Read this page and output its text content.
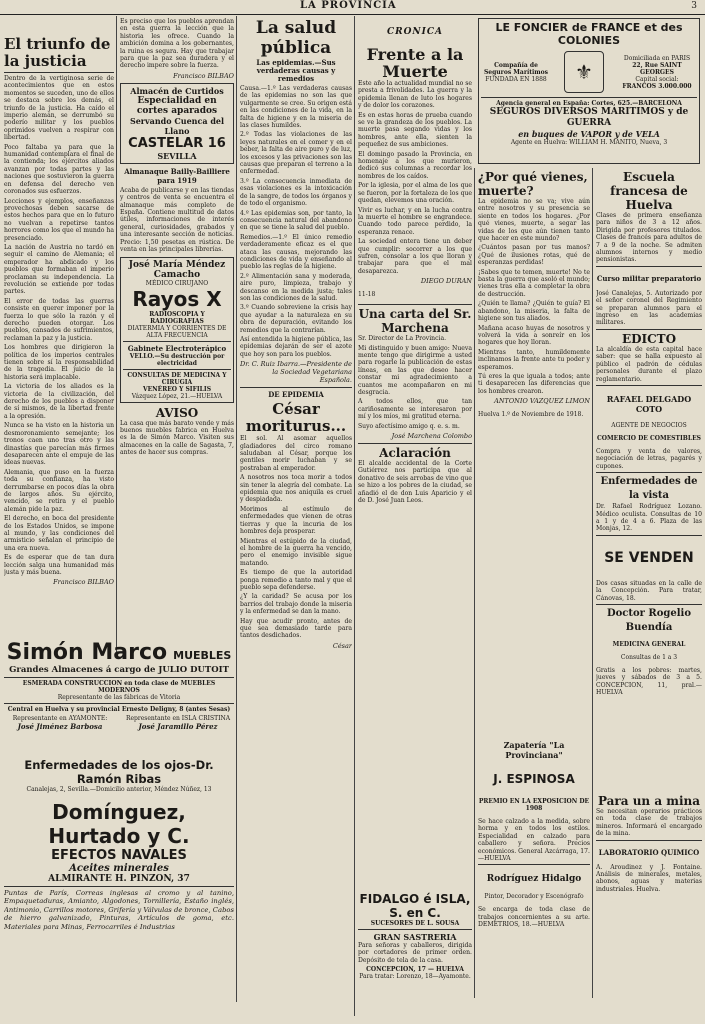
LA PROVINCIA	3

El triunfo de la justicia

Dentro de la vertiginosa serie de acontecimientos que en estos momentos se suceden, uno de ellos se destaca sobre los demás, el triunfo de la justicia. Ha caído el imperio alemán, se derrumbó su poderío militar y los pueblos oprimidos vuelven a respirar con libertad.

Poco faltaba ya para que la humanidad contemplara el final de la contienda; los ejércitos aliados avanzan por todas partes y las naciones que sostuvieron la guerra en defensa del derecho ven coronados sus esfuerzos.

Lecciones y ejemplos, enseñanzas provechosas deben sacarse de estos hechos para que en lo futuro no vuelvan a repetirse tantos horrores como los que el mundo ha presenciado.

La nación de Austria no tardó en seguir el camino de Alemania; el emperador ha abdicado y los pueblos que formaban el imperio proclaman su independencia. La revolución se extiende por todas partes.

El error de todas las guerras consiste en querer imponer por la fuerza lo que sólo la razón y el derecho pueden otorgar. Los pueblos, cansados de sufrimientos, reclaman la paz y la justicia.

Los hombres que dirigieron la política de los imperios centrales tienen sobre sí la responsabilidad de la tragedia. El juicio de la historia será implacable.

La victoria de los aliados es la victoria de la civilización, del derecho de los pueblos a disponer de sí mismos, de la libertad frente a la opresión.

Nunca se ha visto en la historia un desmoronamiento semejante; los tronos caen uno tras otro y las dinastías que parecían más firmes desaparecen ante el empuje de las ideas nuevas.

Alemania, que puso en la fuerza toda su confianza, ha visto derrumbarse en pocos días la obra de largos años. Su ejército, vencido, se retira y el pueblo alemán pide la paz.

El derecho, en boca del presidente de los Estados Unidos, se impone al mundo, y las condiciones del armisticio señalan el principio de una era nueva.

Es de esperar que de tan dura lección salga una humanidad más justa y más buena.

Francisco BILBAO

Es preciso que los pueblos aprendan en esta guerra la lección que la historia les ofrece. Cuando la ambición domina a los gobernantes, la ruina es segura. Hay que trabajar para que la paz sea duradera y el derecho impere sobre la fuerza.

Francisco BILBAO

Almacén de Curtidos
Especialidad en cortes aparados
Servando Cuenca del Llano
CASTELAR 16
SEVILLA

Almanaque Bailly-Bailliere para 1919

Acaba de publicarse y en las tiendas y centros de venta se encuentra el almanaque más completo de España. Contiene multitud de datos útiles, informaciones de interés general, curiosidades, grabados y una interesante sección de noticias. Precio: 1,50 pesetas en rústica. De venta en las principales librerías.

José María Méndez Camacho
MÉDICO CIRUJANO
Rayos X
RADIOSCOPIA Y RADIOGRAFIAS
DIATERMIA Y CORRIENTES DE ALTA FRECUENCIA
Gabinete Electroterápico
VELLO.—Su destrucción por electricidad
CONSULTAS DE MEDICINA Y CIRUGIA
VENÉREO Y SIFILIS
Vázquez López, 21.—HUELVA

AVISO

La casa que más barato vende y más buenos muebles fabrica en Huelva es la de Simón Marco. Visiten sus almacenes en la calle de Sagasta, 7, antes de hacer sus compras.

La salud pública

Las epidemias.—Sus verdaderas causas y remedios

Causa.—1.º Las verdaderas causas de las epidemias no son las que vulgarmente se cree. Su origen está en las condiciones de la vida, en la falta de higiene y en la miseria de las clases humildes.

2.º Todas las violaciones de las leyes naturales en el comer y en el beber, la falta de aire puro y de luz, los excesos y las privaciones son las causas que preparan el terreno a la enfermedad.

3.º La consecuencia inmediata de esas violaciones es la intoxicación de la sangre, de todos los órganos y de todo el organismo.

4.º Las epidemias son, por tanto, la consecuencia natural del abandono en que se tiene la salud del pueblo.

Remedios.—1.º El único remedio verdaderamente eficaz es el que ataca las causas, mejorando las condiciones de vida y enseñando al pueblo las reglas de la higiene.

2.º Alimentación sana y moderada, aire puro, limpieza, trabajo y descanso en la medida justa; tales son las condiciones de la salud.

3.º Cuando sobreviene la crisis hay que ayudar a la naturaleza en su obra de depuración, evitando los remedios que la contrarían.

Así entendida la higiene pública, las epidemias dejarán de ser el azote que hoy son para los pueblos.

Dr. C. Ruiz Ibarra.—Presidente de la Sociedad Vegetariana Española.

DE EPIDEMIA

César moriturus...

El sol. Al asomar aquellos gladiadores del circo romano saludaban al César, porque los gentiles morir luchaban y se postraban al emperador.

A nosotros nos toca morir a todos sin tener la alegría del combate. La epidemia que nos aniquila es cruel y despiadada.

Morimos al estímulo de enfermedades que vienen de otras tierras y que la incuria de los hombres deja prosperar.

Mientras el estúpido de la ciudad, el hombre de la guerra ha vencido, pero el enemigo invisible sigue matando.

Es tiempo de que la autoridad ponga remedio a tanto mal y que el pueblo sepa defenderse.

¿Y la caridad? Se acusa por los barrios del trabajo donde la miseria y la enfermedad se dan la mano.

Hay que acudir pronto, antes de que sea demasiado tarde para tantos desdichados.

César

CRONICA

Frente a la Muerte

Este año la actualidad mundial no se presta a frivolidades. La guerra y la epidemia llenan de luto los hogares y de dolor los corazones.

Es en estas horas de prueba cuando se ve la grandeza de los pueblos. La muerte pasa segando vidas y los hombres, ante ella, sienten la pequeñez de sus ambiciones.

El domingo pasado la Provincia, en homenaje a los que murieron, dedicó sus columnas a recordar los nombres de los caídos.

Por la iglesia, por el alma de los que se fueron, por la fortaleza de los que quedan, elevemos una oración.

Vivir es luchar, y en la lucha contra la muerte el hombre se engrandece. Cuando todo parece perdido, la esperanza renace.

La sociedad entera tiene un deber que cumplir: socorrer a los que sufren, consolar a los que lloran y trabajar para que el mal desaparezca.

DIEGO DURAN

11-18

Una carta del Sr. Marchena

Sr. Director de La Provincia.

Mi distinguido y buen amigo: Nueva mente tengo que dirigirme a usted para rogarle la publicación de estas líneas, en las que deseo hacer constar mi agradecimiento a cuantos me acompañaron en mi desgracia.

A todos ellos, que tan cariñosamente se interesaron por mí y los míos, mi gratitud eterna.

Suyo afectísimo amigo q. e. s. m.

José Marchena Colombo

Aclaración

El alcalde accidental de la Corte Gutiérrez nos participa que al donativo de seis arrobas de vino que se hizo a los pobres de la ciudad, se añadió el de don Luis Aparicio y el de D. José Juan Leos.

LE FONCIER de FRANCE et des COLONIES
Compañía de Seguros Marítimos
FUNDADA EN 1888	⚜
Domiciliada en PARIS
22, Rue SAINT GEORGES
Capital social:
FRANCOS 3.000.000
Agencia general en España: Cortes, 625.—BARCELONA
SEGUROS DIVERSOS MARITIMOS y de GUERRA
en buques de VAPOR y de VELA
Agente en Huelva: WILLIAM H. MANITO, Nueva, 3

¿Por qué vienes, muerte?

La epidemia no se va; vive aún entre nosotros y su presencia se siente en todos los hogares. ¿Por qué vienes, muerte, a segar las vidas de los que aún tienen tanto que hacer en este mundo?

¿Cuántos pasan por tus manos? ¿Qué de ilusiones rotas, qué de esperanzas perdidas!

¡Sabes que te temen, muerte! No te basta la guerra que asoló el mundo; vienes tras ella a completar la obra de destrucción.

¿Quién te llama? ¿Quién te guía? El abandono, la miseria, la falta de higiene son tus aliados.

Mañana acaso huyas de nosotros y volverá la vida a sonreír en los hogares que hoy lloran.

Mientras tanto, humildemente inclinamos la frente ante tu poder y esperamos.

Tú eres la que iguala a todos; ante ti desaparecen las diferencias que los hombres crearon.

ANTONIO VAZQUEZ LIMON

Huelva 1.º de Noviembre de 1918.

Escuela francesa de Huelva

Clases de primera enseñanza para niños de 3 a 12 años. Dirigida por profesores titulados. Clases de francés para adultos de 7 a 9 de la noche. Se admiten alumnos internos y medio pensionistas.

Curso militar preparatorio

José Canalejas, 5. Autorizado por el señor coronel del Regimiento se preparan alumnos para el ingreso en las academias militares.

EDICTO

La alcaldía de esta capital hace saber: que se halla expuesto al público el padrón de cédulas personales durante el plazo reglamentario.

RAFAEL DELGADO COTO

AGENTE DE NEGOCIOS

COMERCIO DE COMESTIBLES

Compra y venta de valores, negociación de letras, pagarés y cupones.

Enfermedades de la vista

Dr. Rafael Rodríguez Lozano. Médico oculista. Consultas de 10 a 1 y de 4 a 6. Plaza de las Monjas, 12.

SE VENDEN

Dos casas situadas en la calle de la Concepción. Para tratar, Cánovas, 18.

Doctor Rogelio Buendía

MEDICINA GENERAL

Consultas de 1 a 3

Gratis a los pobres: martes, jueves y sábados de 3 a 5. CONCEPCION, 11, pral.—HUELVA

Zapatería "La Provinciana"

J. ESPINOSA

PREMIO EN LA EXPOSICION DE 1908

Se hace calzado a la medida, sobre horma y en todos los estilos. Especialidad en calzado para caballero y señora. Precios económicos. General Azcárraga, 17.—HUELVA

Rodríguez Hidalgo

Pintor, Decorador y Escenógrafo

Se encarga de toda clase de trabajos concernientes a su arte. DEMETRIOS, 18.—HUELVA

Para un a mina

Se necesitan operarios prácticos en toda clase de trabajos mineros. Informará el encargado de la mina.

LABORATORIO QUIMICO

A. Aroudinez y J. Fontaine. Análisis de minerales, metales, abonos, aguas y materias industriales. Huelva.

Simón Marco MUEBLES
Grandes Almacenes á cargo de JULIO DUTOIT
ESMERADA CONSTRUCCION en toda clase de MUEBLES MODERNOS
Representante de las fábricas de Vitoria
Central en Huelva y su provincial Ernesto Deligny, 8 (antes Sesas)
Representante en AYAMONTE:
José Jiménez Barbosa
Representante en ISLA CRISTINA
José Jaramillo Pérez
Enfermedades de los ojos-Dr. Ramón Ribas
Canalejas, 2, Sevilla.—Domicilio anterior, Méndez Núñez, 13
Domínguez, Hurtado y C.
EFECTOS NAVALES
Aceites minerales
ALMIRANTE H. PINZON, 37
Puntas de París, Correas inglesas al cromo y al tanino, Empaquetaduras, Amianto, Algodones, Tornillería, Estaño inglés, Antimonio, Carrillos motores, Grifería y Válvulas de bronce, Cabos de hierro galvanizado, Pinturas, Artículos de goma, etc. Materiales para Minas, Ferrocarriles é Industrias
FIDALGO é ISLA, S. en C.
SUCESORES DE L. SOUSA
GRAN SASTRERIA
Para señoras y caballeros, dirigida por cortadores de primer orden. Depósito de tela de la casa.
CONCEPCION, 17 — HUELVA
Para tratar: Lorenzo, 18—Ayamonte.
